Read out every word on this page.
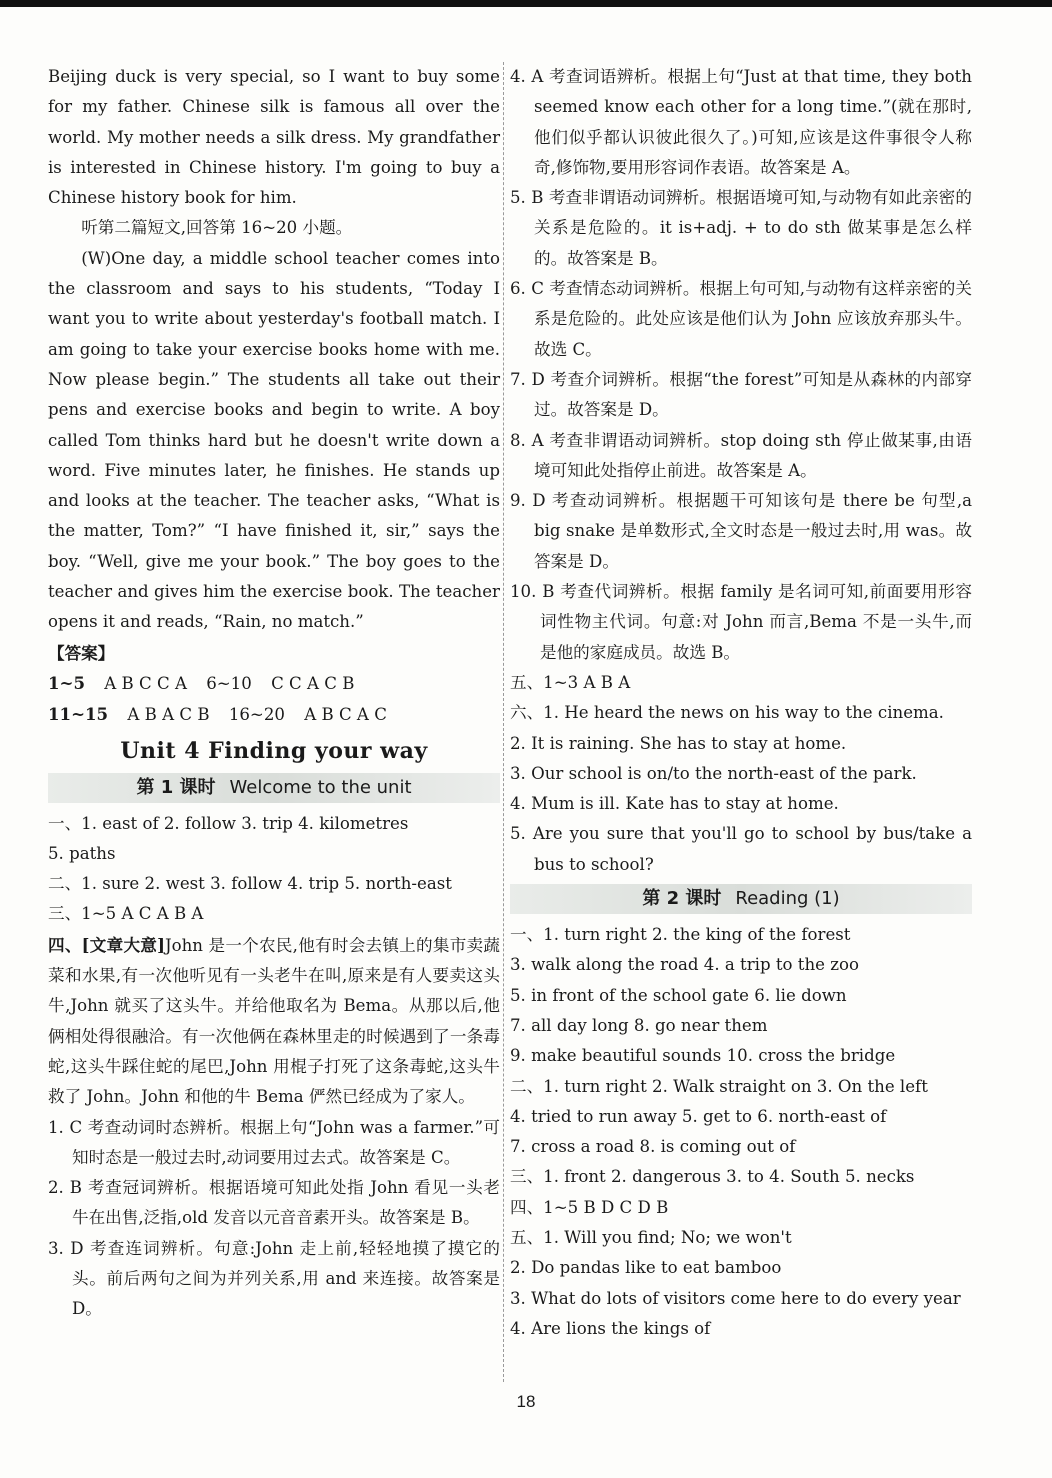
Beijing duck is very special, so I want to buy some for my father. Chinese silk is famous all over the world. My mother needs a silk dress. My grandfather is interested in Chinese history. I'm going to buy a Chinese history book for him.

听第二篇短文,回答第 16~20 小题。

(W)One day, a middle school teacher comes into the classroom and says to his students, “Today I want you to write about yesterday's football match. I am going to take your exercise books home with me. Now please begin.” The students all take out their pens and exercise books and begin to write. A boy called Tom thinks hard but he doesn't write down a word. Five minutes later, he finishes. He stands up and looks at the teacher. The teacher asks, “What is the matter, Tom?” “I have finished it, sir,” says the boy. “Well, give me your book.” The boy goes to the teacher and gives him the exercise book. The teacher opens it and reads, “Rain, no match.”

【答案】

1~5 A B C C A 6~10 C C A C B

11~15 A B A C B 16~20 A B C A C

Unit 4 Finding your way
第 1 课时 Welcome to the unit

一、1. east of 2. follow 3. trip 4. kilometres

5. paths

二、1. sure 2. west 3. follow 4. trip 5. north-east

三、1~5 A C A B A

四、[文章大意]John 是一个农民,他有时会去镇上的集市卖蔬菜和水果,有一次他听见有一头老牛在叫,原来是有人要卖这头牛,John 就买了这头牛。并给他取名为 Bema。从那以后,他俩相处得很融洽。有一次他俩在森林里走的时候遇到了一条毒蛇,这头牛踩住蛇的尾巴,John 用棍子打死了这条毒蛇,这头牛救了 John。John 和他的牛 Bema 俨然已经成为了家人。

1. C 考查动词时态辨析。根据上句“John was a farmer.”可知时态是一般过去时,动词要用过去式。故答案是 C。

2. B 考查冠词辨析。根据语境可知此处指 John 看见一头老牛在出售,泛指,old 发音以元音音素开头。故答案是 B。

3. D 考查连词辨析。句意:John 走上前,轻轻地摸了摸它的头。前后两句之间为并列关系,用 and 来连接。故答案是 D。

4. A 考查词语辨析。根据上句“Just at that time, they both seemed know each other for a long time.”(就在那时,他们似乎都认识彼此很久了。)可知,应该是这件事很令人称奇,修饰物,要用形容词作表语。故答案是 A。

5. B 考查非谓语动词辨析。根据语境可知,与动物有如此亲密的关系是危险的。it is+adj. + to do sth 做某事是怎么样的。故答案是 B。

6. C 考查情态动词辨析。根据上句可知,与动物有这样亲密的关系是危险的。此处应该是他们认为 John 应该放弃那头牛。故选 C。

7. D 考查介词辨析。根据“the forest”可知是从森林的内部穿过。故答案是 D。

8. A 考查非谓语动词辨析。stop doing sth 停止做某事,由语境可知此处指停止前进。故答案是 A。

9. D 考查动词辨析。根据题干可知该句是 there be 句型,a big snake 是单数形式,全文时态是一般过去时,用 was。故答案是 D。

10. B 考查代词辨析。根据 family 是名词可知,前面要用形容词性物主代词。句意:对 John 而言,Bema 不是一头牛,而是他的家庭成员。故选 B。

五、1~3 A B A

六、1. He heard the news on his way to the cinema.

2. It is raining. She has to stay at home.

3. Our school is on/to the north-east of the park.

4. Mum is ill. Kate has to stay at home.

5. Are you sure that you'll go to school by bus/take a bus to school?

第 2 课时 Reading (1)

一、1. turn right 2. the king of the forest

3. walk along the road 4. a trip to the zoo

5. in front of the school gate 6. lie down

7. all day long 8. go near them

9. make beautiful sounds 10. cross the bridge

二、1. turn right 2. Walk straight on 3. On the left

4. tried to run away 5. get to 6. north-east of

7. cross a road 8. is coming out of

三、1. front 2. dangerous 3. to 4. South 5. necks

四、1~5 B D C D B

五、1. Will you find; No; we won't

2. Do pandas like to eat bamboo

3. What do lots of visitors come here to do every year

4. Are lions the kings of

18
